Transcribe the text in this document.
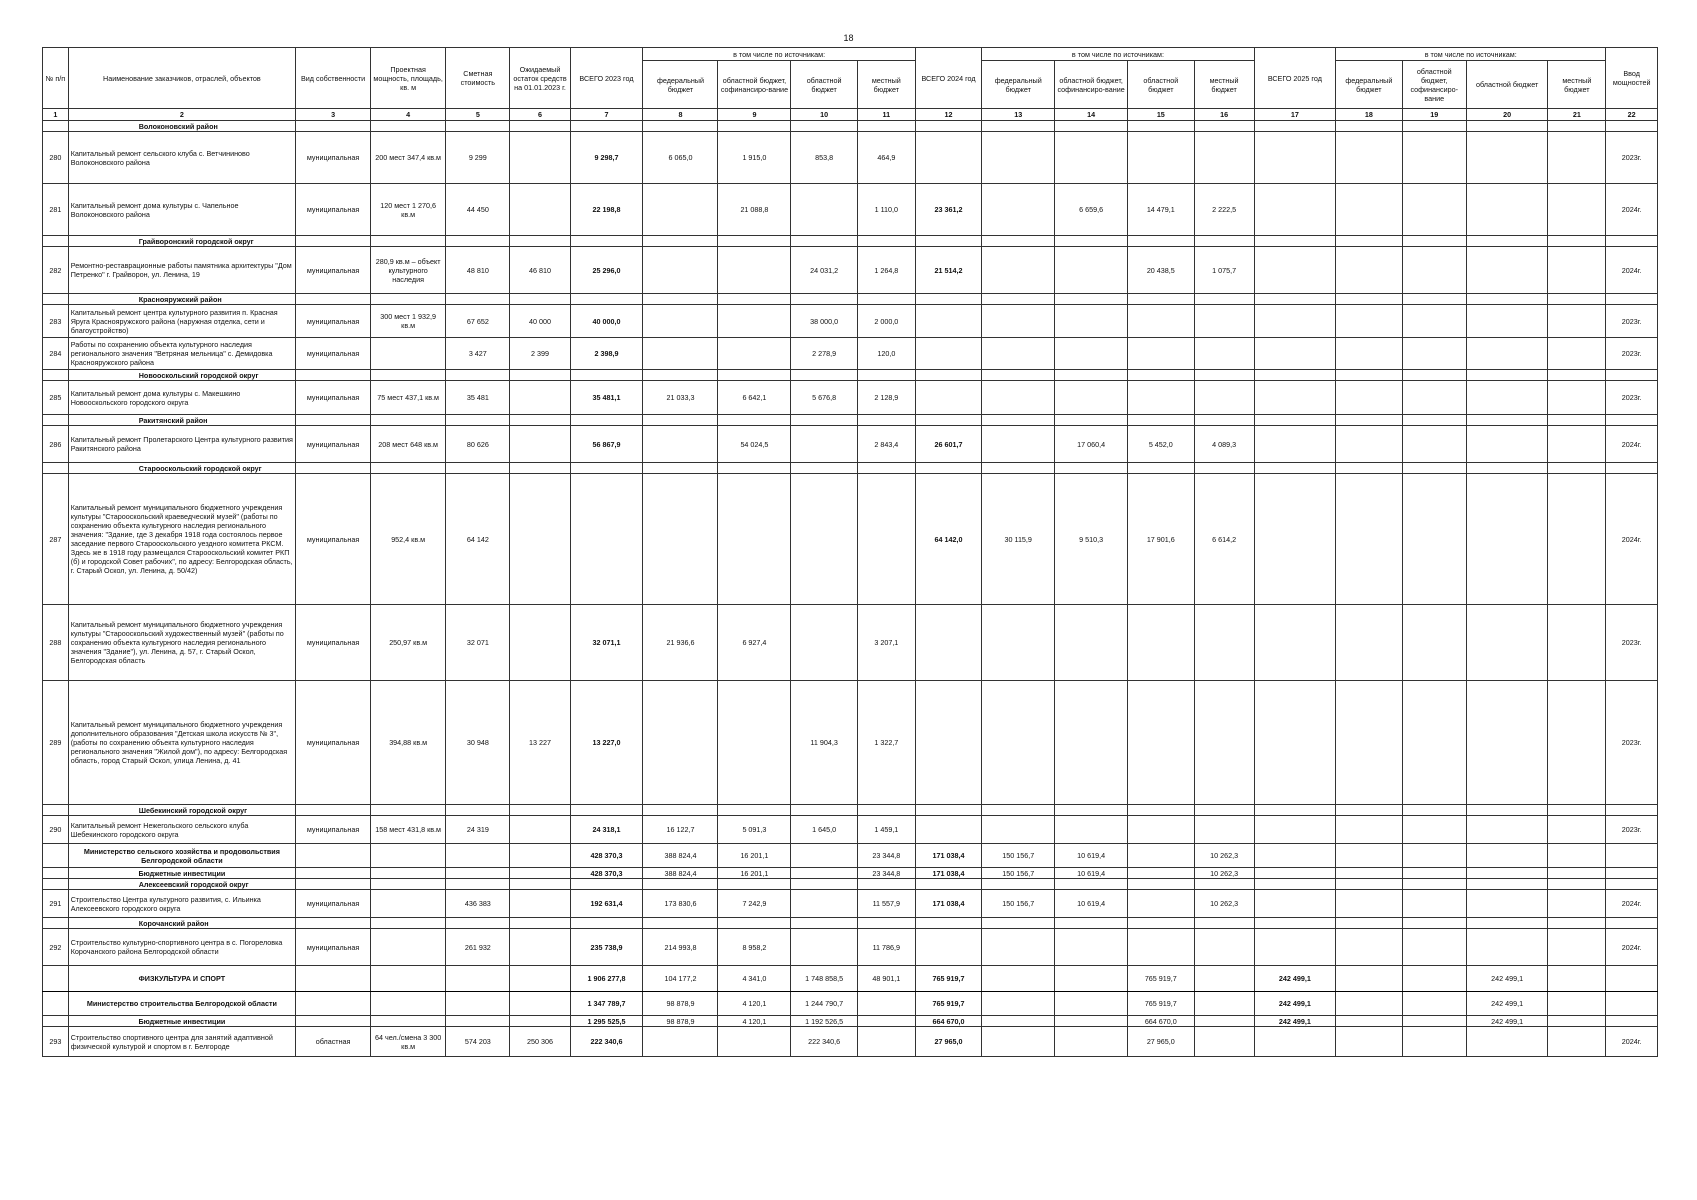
18
№ п/п	Наименование заказчиков, отраслей, объектов	Вид собственности	Проектная мощность, площадь, кв. м	Сметная стоимость	Ожидаемый остаток средств на 01.01.2023 г.	ВСЕГО 2023 год	в том числе по источникам:				ВСЕГО 2024 год	в том числе по источникам:				ВСЕГО 2025 год	в том числе по источникам:				Ввод мощностей
							федеральный бюджет	областной бюджет, софинансиро-вание	областной бюджет	местный бюджет		федеральный бюджет	областной бюджет, софинансиро-вание	областной бюджет	местный бюджет		федеральный бюджет	областной бюджет, софинансиро-вание	областной бюджет	местный бюджет	
1	2	3	4	5	6	7	8	9	10	11	12	13	14	15	16	17	18	19	20	21	22
	Волоконовский район																				
280	Капитальный ремонт сельского клуба с. Ветчининово Волоконовского района	муниципальная	200 мест 347,4 кв.м	9 299		9 298,7	6 065,0	1 915,0	853,8	464,9											2023г.
281	Капитальный ремонт дома культуры с. Чапельное Волоконовского района	муниципальная	120 мест 1 270,6 кв.м	44 450		22 198,8		21 088,8		1 110,0	23 361,2		6 659,6	14 479,1	2 222,5						2024г.
	Грайворонский городской округ																				
282	Ремонтно-реставрационные работы памятника архитектуры "Дом Петренко" г. Грайворон, ул. Ленина, 19	муниципальная	280,9 кв.м – объект культурного наследия	48 810	46 810	25 296,0			24 031,2	1 264,8	21 514,2			20 438,5	1 075,7						2024г.
	Краснояружский район																				
283	Капитальный ремонт центра культурного развития п. Красная Яруга Краснояружского района (наружная отделка, сети и благоустройство)	муниципальная	300 мест 1 932,9 кв.м	67 652	40 000	40 000,0			38 000,0	2 000,0											2023г.
284	Работы по сохранению объекта культурного наследия регионального значения "Ветряная мельница" с. Демидовка Краснояружского района	муниципальная		3 427	2 399	2 398,9			2 278,9	120,0											2023г.
	Новооскольский городской округ																				
285	Капитальный ремонт дома культуры с. Макешкино Новооскольского городского округа	муниципальная	75 мест 437,1 кв.м	35 481		35 481,1	21 033,3	6 642,1	5 676,8	2 128,9											2023г.
	Ракитянский район																				
286	Капитальный ремонт Пролетарского Центра культурного развития Ракитянского района	муниципальная	208 мест 648 кв.м	80 626		56 867,9		54 024,5		2 843,4	26 601,7		17 060,4	5 452,0	4 089,3						2024г.
	Старооскольский городской округ																				
287	Капитальный ремонт муниципального бюджетного учреждения культуры "Старооскольский краеведческий музей" (работы по сохранению объекта культурного наследия регионального значения: "Здание, где 3 декабря 1918 года состоялось первое заседание первого Старооскольского уездного комитета РКСМ. Здесь же в 1918 году размещался Старооскольский комитет РКП (б) и городской Совет рабочих", по адресу: Белгородская область, г. Старый Оскол, ул. Ленина, д. 50/42)	муниципальная	952,4 кв.м	64 142							64 142,0	30 115,9	9 510,3	17 901,6	6 614,2						2024г.
288	Капитальный ремонт муниципального бюджетного учреждения культуры "Старооскольский художественный музей" (работы по сохранению объекта культурного наследия регионального значения "Здание"), ул. Ленина, д. 57, г. Старый Оскол, Белгородская область	муниципальная	250,97 кв.м	32 071		32 071,1	21 936,6	6 927,4		3 207,1											2023г.
289	Капитальный ремонт муниципального бюджетного учреждения дополнительного образования "Детская школа искусств № 3", (работы по сохранению объекта культурного наследия регионального значения "Жилой дом"), по адресу: Белгородская область, город Старый Оскол, улица Ленина, д. 41	муниципальная	394,88 кв.м	30 948	13 227	13 227,0			11 904,3	1 322,7											2023г.
	Шебекинский городской округ																				
290	Капитальный ремонт Нежегольского сельского клуба Шебекинского городского округа	муниципальная	158 мест 431,8 кв.м	24 319		24 318,1	16 122,7	5 091,3	1 645,0	1 459,1											2023г.
	Министерство сельского хозяйства и продовольствия Белгородской области					428 370,3	388 824,4	16 201,1		23 344,8	171 038,4	150 156,7	10 619,4		10 262,3						
	Бюджетные инвестиции					428 370,3	388 824,4	16 201,1		23 344,8	171 038,4	150 156,7	10 619,4		10 262,3						
	Алексеевский городской округ																				
291	Строительство Центра культурного развития, с. Ильинка Алексеевского городского округа	муниципальная		436 383		192 631,4	173 830,6	7 242,9		11 557,9	171 038,4	150 156,7	10 619,4		10 262,3						2024г.
	Корочанский район																				
292	Строительство культурно-спортивного центра в с. Погореловка Корочанского района Белгородской области	муниципальная		261 932		235 738,9	214 993,8	8 958,2		11 786,9											2024г.
	ФИЗКУЛЬТУРА И СПОРТ					1 906 277,8	104 177,2	4 341,0	1 748 858,5	48 901,1	765 919,7			765 919,7		242 499,1			242 499,1		
	Министерство строительства Белгородской области					1 347 789,7	98 878,9	4 120,1	1 244 790,7		765 919,7			765 919,7		242 499,1			242 499,1		
	Бюджетные инвестиции					1 295 525,5	98 878,9	4 120,1	1 192 526,5		664 670,0			664 670,0		242 499,1			242 499,1		
293	Строительство спортивного центра для занятий адаптивной физической культурой и спортом в г. Белгороде	областная	64 чел./смена 3 300 кв.м	574 203	250 306	222 340,6			222 340,6		27 965,0			27 965,0							2024г.
